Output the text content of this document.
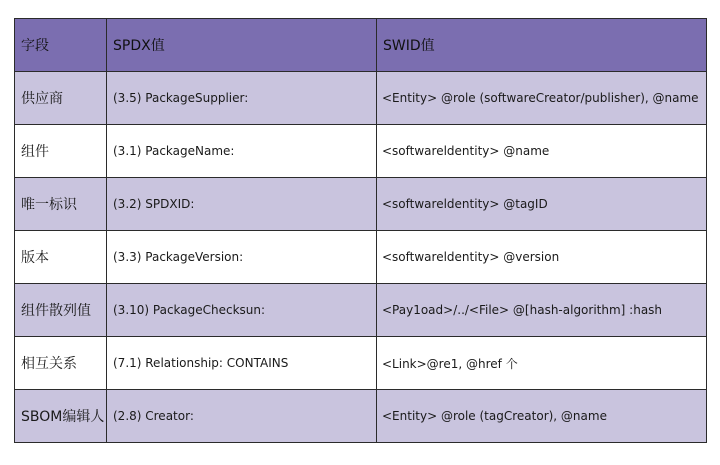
字段	SPDX值	SWID值
供应商	(3.5) PackageSupplier:	<Entity> @role (softwareCreator/publisher), @name
组件	(3.1) PackageName:	<softwareldentity> @name
唯一标识	(3.2) SPDXID:	<softwareldentity> @tagID
版本	(3.3) PackageVersion:	<softwareldentity> @version
组件散列值	(3.10) PackageChecksun:	<Pay1oad>/../<File> @[hash-algorithm] :hash
相互关系	(7.1) Relationship: CONTAINS	<Link>@re1, @href 个
SBOM编辑人	(2.8) Creator:	<Entity> @role (tagCreator), @name
